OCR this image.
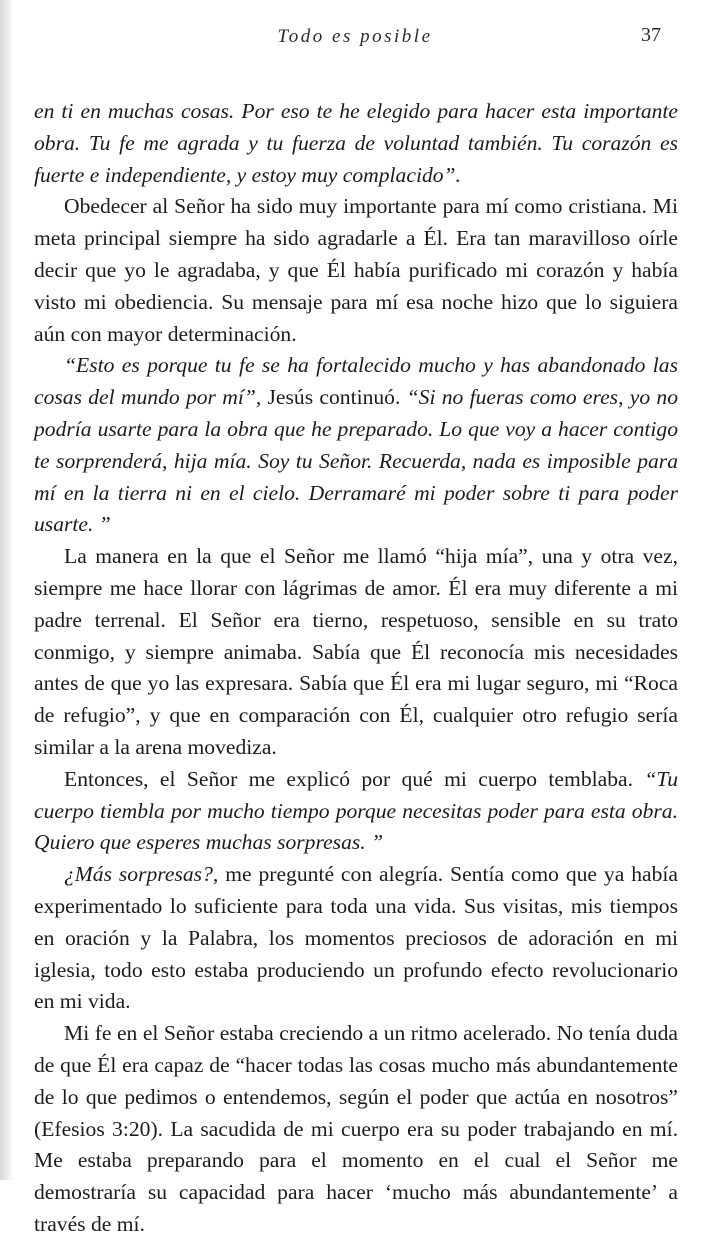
Todo es posible	37

en ti en muchas cosas. Por eso te he elegido para hacer esta importante obra. Tu fe me agrada y tu fuerza de voluntad también. Tu corazón es fuerte e independiente, y estoy muy complacido”.

Obedecer al Señor ha sido muy importante para mí como cristiana. Mi meta principal siempre ha sido agradarle a Él. Era tan maravilloso oírle decir que yo le agradaba, y que Él había purificado mi corazón y había visto mi obediencia. Su mensaje para mí esa noche hizo que lo siguiera aún con mayor determinación.

“Esto es porque tu fe se ha fortalecido mucho y has abandonado las cosas del mundo por mí”, Jesús continuó. “Si no fueras como eres, yo no podría usarte para la obra que he preparado. Lo que voy a hacer contigo te sorprenderá, hija mía. Soy tu Señor. Recuerda, nada es imposible para mí en la tierra ni en el cielo. Derramaré mi poder sobre ti para poder usarte. ”

La manera en la que el Señor me llamó “hija mía”, una y otra vez, siempre me hace llorar con lágrimas de amor. Él era muy diferente a mi padre terrenal. El Señor era tierno, respetuoso, sensible en su trato conmigo, y siempre animaba. Sabía que Él reconocía mis necesidades antes de que yo las expresara. Sabía que Él era mi lugar seguro, mi “Roca de refugio”, y que en comparación con Él, cualquier otro refugio sería similar a la arena movediza.

Entonces, el Señor me explicó por qué mi cuerpo temblaba. “Tu cuerpo tiembla por mucho tiempo porque necesitas poder para esta obra. Quiero que esperes muchas sorpresas. ”

¿Más sorpresas?, me pregunté con alegría. Sentía como que ya había experimentado lo suficiente para toda una vida. Sus visitas, mis tiempos en oración y la Palabra, los momentos preciosos de adoración en mi iglesia, todo esto estaba produciendo un profundo efecto revolucionario en mi vida.

Mi fe en el Señor estaba creciendo a un ritmo acelerado. No tenía duda de que Él era capaz de “hacer todas las cosas mucho más abundantemente de lo que pedimos o entendemos, según el poder que actúa en nosotros” (Efesios 3:20). La sacudida de mi cuerpo era su poder trabajando en mí. Me estaba preparando para el momento en el cual el Señor me demostraría su capacidad para hacer ‘mucho más abundantemente’ a través de mí.
